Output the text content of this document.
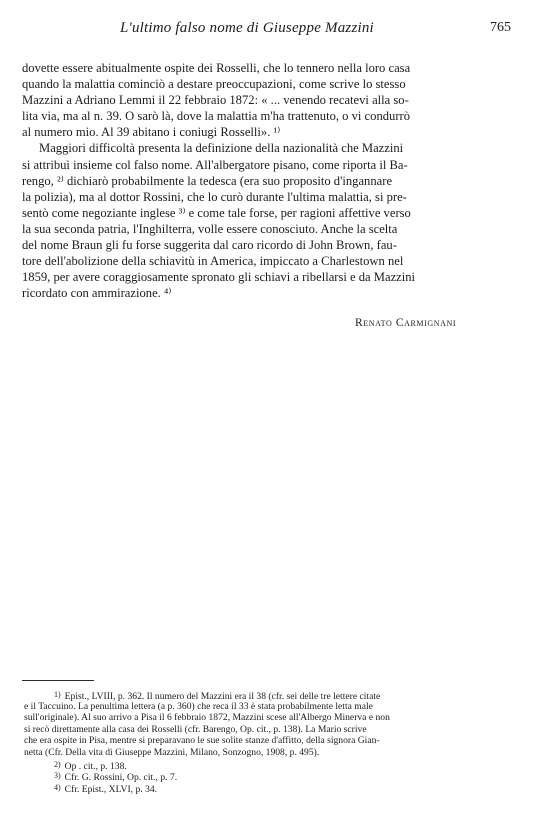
L'ultimo falso nome di Giuseppe Mazzini	765
dovette essere abitualmente ospite dei Rosselli, che lo tennero nella loro casa
quando la malattia cominciò a destare preoccupazioni, come scrive lo stesso
Mazzini a Adriano Lemmi il 22 febbraio 1872: « ... venendo recatevi alla so-
lita via, ma al n. 39. O sarò là, dove la malattia m'ha trattenuto, o vi condurrò
al numero mio. Al 39 abitano i coniugi Rosselli». ¹⁾
Maggiori difficoltà presenta la definizione della nazionalità che Mazzini
si attribuì insieme col falso nome. All'albergatore pisano, come riporta il Ba-
rengo, ²⁾ dichiarò probabilmente la tedesca (era suo proposito d'ingannare
la polizia), ma al dottor Rossini, che lo curò durante l'ultima malattia, si pre-
sentò come negoziante inglese ³⁾ e come tale forse, per ragioni affettive verso
la sua seconda patria, l'Inghilterra, volle essere conosciuto. Anche la scelta
del nome Braun gli fu forse suggerita dal caro ricordo di John Brown, fau-
tore dell'abolizione della schiavitù in America, impiccato a Charlestown nel
1859, per avere coraggiosamente spronato gli schiavi a ribellarsi e da Mazzini
ricordato con ammirazione. ⁴⁾
Renato Carmignani
$^{1)}$ Epist., LVIII, p. 362. Il numero del Mazzini era il 38 (cfr. sei delle tre lettere citate
e il Taccuino. La penultima lettera (a p. 360) che reca il 33 è stata probabilmente letta male
sull'originale). Al suo arrivo a Pisa il 6 febbraio 1872, Mazzini scese all'Albergo Minerva e non
si recò direttamente alla casa dei Rosselli (cfr. Barengo, Op. cit., p. 138). La Mario scrive
che era ospite in Pisa, mentre si preparavano le sue solite stanze d'affitto, della signora Gian-
netta (Cfr. Della vita di Giuseppe Mazzini, Milano, Sonzogno, 1908, p. 495).
$^{2)}$ Op . cit., p. 138.
$^{3)}$ Cfr. G. Rossini, Op. cit., p. 7.
$^{4)}$ Cfr. Epist., XLVI, p. 34.
